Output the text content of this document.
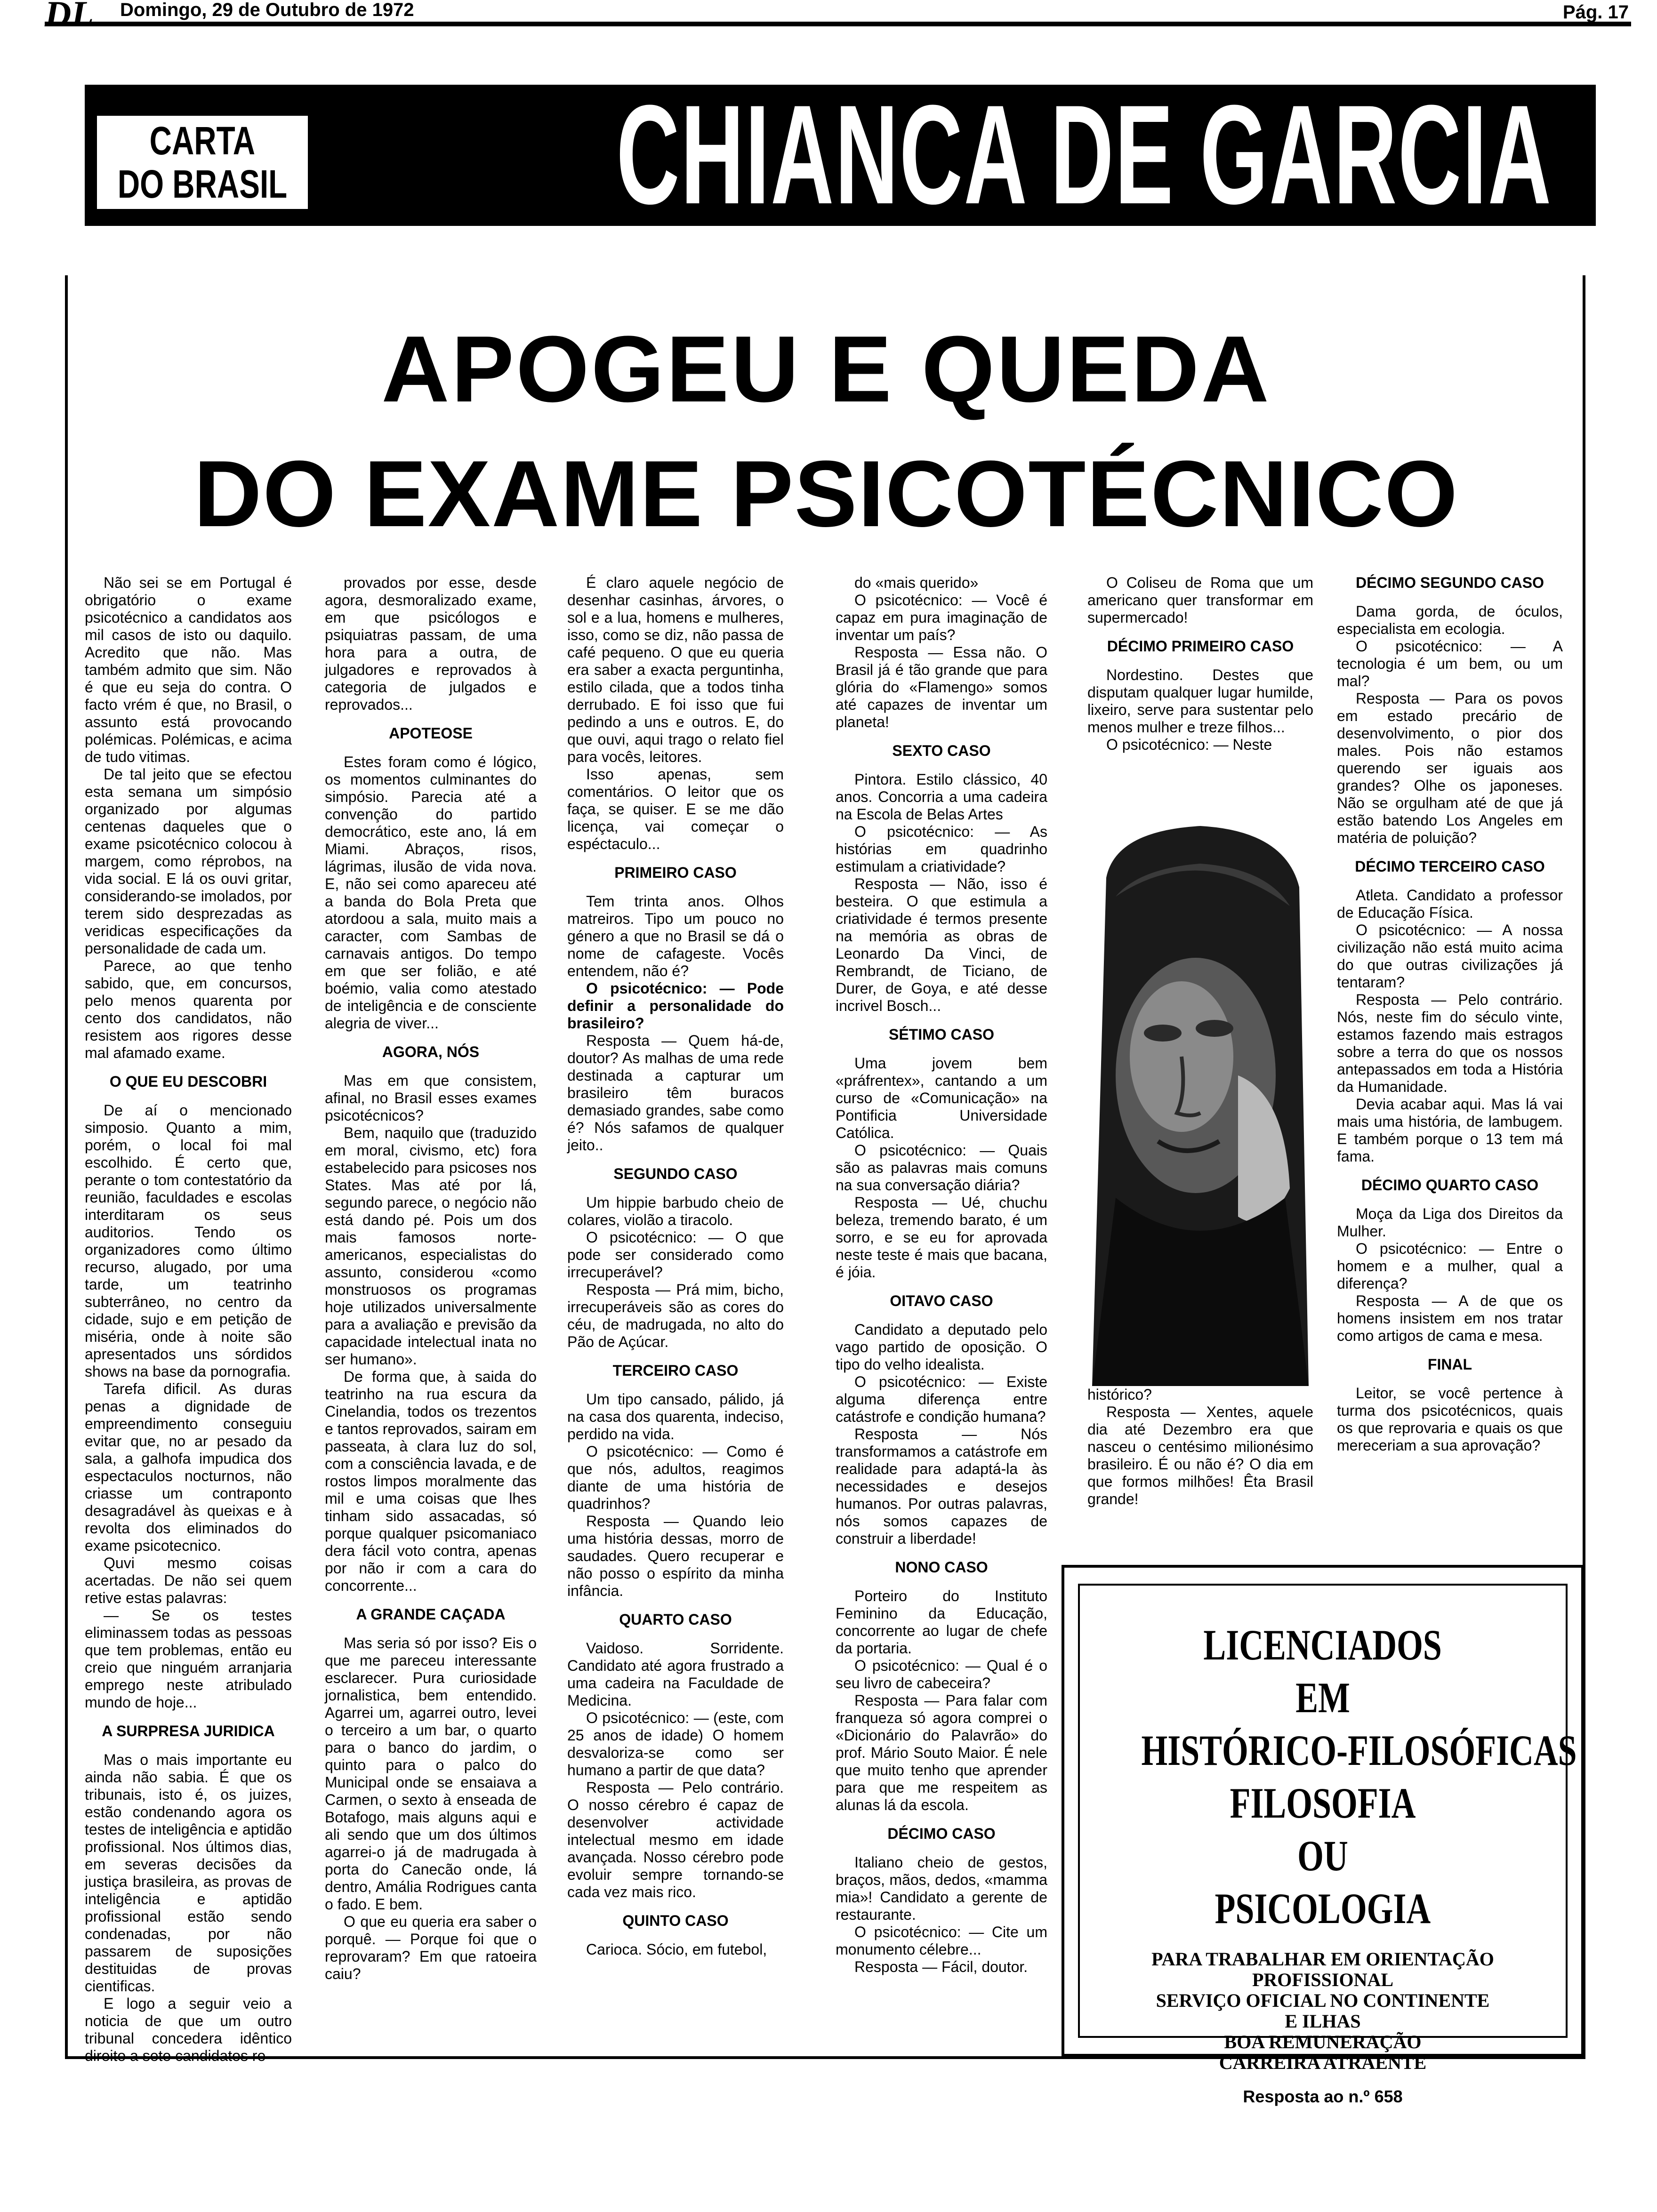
DL Domingo, 29 de Outubro de 1972	Pág. 17
CARTA
DO BRASIL	CHIANCA DE GARCIA
APOGEU E QUEDA
DO EXAME PSICOTÉCNICO

Não sei se em Portugal é obrigatório o exame psicotécnico a candidatos aos mil casos de isto ou daquilo. Acredito que não. Mas também admito que sim. Não é que eu seja do contra. O facto vrém é que, no Brasil, o assunto está provocando polémicas. Polémicas, e acima de tudo vitimas.

De tal jeito que se efectou esta semana um simpósio organizado por algumas centenas daqueles que o exame psicotécnico colocou à margem, como réprobos, na vida social. E lá os ouvi gritar, considerando-se imolados, por terem sido desprezadas as veridicas especificações da personalidade de cada um.

Parece, ao que tenho sabido, que, em concursos, pelo menos quarenta por cento dos candidatos, não resistem aos rigores desse mal afamado exame.

O QUE EU DESCOBRI

De aí o mencionado simposio. Quanto a mim, porém, o local foi mal escolhido. É certo que, perante o tom contestatório da reunião, faculdades e escolas interditaram os seus auditorios. Tendo os organizadores como último recurso, alugado, por uma tarde, um teatrinho subterrâneo, no centro da cidade, sujo e em petição de miséria, onde à noite são apresentados uns sórdidos shows na base da pornografia.

Tarefa dificil. As duras penas a dignidade de empreendimento conseguiu evitar que, no ar pesado da sala, a galhofa impudica dos espectaculos nocturnos, não criasse um contraponto desagradável às queixas e à revolta dos eliminados do exame psicotecnico.

Quvi mesmo coisas acertadas. De não sei quem retive estas palavras:

— Se os testes eliminassem todas as pessoas que tem problemas, então eu creio que ninguém arranjaria emprego neste atribulado mundo de hoje...

A SURPRESA JURIDICA

Mas o mais importante eu ainda não sabia. É que os tribunais, isto é, os juizes, estão condenando agora os testes de inteligência e aptidão profissional. Nos últimos dias, em severas decisões da justiça brasileira, as provas de inteligência e aptidão profissional estão sendo condenadas, por não passarem de suposições destituidas de provas cientificas.

E logo a seguir veio a noticia de que um outro tribunal concedera idêntico direito a sete candidatos re-

provados por esse, desde agora, desmoralizado exame, em que psicólogos e psiquiatras passam, de uma hora para a outra, de julgadores e reprovados à categoria de julgados e reprovados...

APOTEOSE

Estes foram como é lógico, os momentos culminantes do simpósio. Parecia até a convenção do partido democrático, este ano, lá em Miami. Abraços, risos, lágrimas, ilusão de vida nova. E, não sei como apareceu até a banda do Bola Preta que atordoou a sala, muito mais a caracter, com Sambas de carnavais antigos. Do tempo em que ser folião, e até boémio, valia como atestado de inteligência e de consciente alegria de viver...

AGORA, NÓS

Mas em que consistem, afinal, no Brasil esses exames psicotécnicos?

Bem, naquilo que (traduzido em moral, civismo, etc) fora estabelecido para psicoses nos States. Mas até por lá, segundo parece, o negócio não está dando pé. Pois um dos mais famosos norte-americanos, especialistas do assunto, considerou «como monstruosos os programas hoje utilizados universalmente para a avaliação e previsão da capacidade intelectual inata no ser humano».

De forma que, à saida do teatrinho na rua escura da Cinelandia, todos os trezentos e tantos reprovados, sairam em passeata, à clara luz do sol, com a consciência lavada, e de rostos limpos moralmente das mil e uma coisas que lhes tinham sido assacadas, só porque qualquer psicomaniaco dera fácil voto contra, apenas por não ir com a cara do concorrente...

A GRANDE CAÇADA

Mas seria só por isso? Eis o que me pareceu interessante esclarecer. Pura curiosidade jornalistica, bem entendido. Agarrei um, agarrei outro, levei o terceiro a um bar, o quarto para o banco do jardim, o quinto para o palco do Municipal onde se ensaiava a Carmen, o sexto à enseada de Botafogo, mais alguns aqui e ali sendo que um dos últimos agarrei-o já de madrugada à porta do Canecão onde, lá dentro, Amália Rodrigues canta o fado. E bem.

O que eu queria era saber o porquê. — Porque foi que o reprovaram? Em que ratoeira caiu?

É claro aquele negócio de desenhar casinhas, árvores, o sol e a lua, homens e mulheres, isso, como se diz, não passa de café pequeno. O que eu queria era saber a exacta perguntinha, estilo cilada, que a todos tinha derrubado. E foi isso que fui pedindo a uns e outros. E, do que ouvi, aqui trago o relato fiel para vocês, leitores.

Isso apenas, sem comentários. O leitor que os faça, se quiser. E se me dão licença, vai começar o espéctaculo...

PRIMEIRO CASO

Tem trinta anos. Olhos matreiros. Tipo um pouco no género a que no Brasil se dá o nome de cafageste. Vocês entendem, não é?

O psicotécnico: — Pode definir a personalidade do brasileiro?

Resposta — Quem há-de, doutor? As malhas de uma rede destinada a capturar um brasileiro têm buracos demasiado grandes, sabe como é? Nós safamos de qualquer jeito..

SEGUNDO CASO

Um hippie barbudo cheio de colares, violão a tiracolo.

O psicotécnico: — O que pode ser considerado como irrecuperável?

Resposta — Prá mim, bicho, irrecuperáveis são as cores do céu, de madrugada, no alto do Pão de Açúcar.

TERCEIRO CASO

Um tipo cansado, pálido, já na casa dos quarenta, indeciso, perdido na vida.

O psicotécnico: — Como é que nós, adultos, reagimos diante de uma história de quadrinhos?

Resposta — Quando leio uma história dessas, morro de saudades. Quero recuperar e não posso o espírito da minha infância.

QUARTO CASO

Vaidoso. Sorridente. Candidato até agora frustrado a uma cadeira na Faculdade de Medicina.

O psicotécnico: — (este, com 25 anos de idade) O homem desvaloriza-se como ser humano a partir de que data?

Resposta — Pelo contrário. O nosso cérebro é capaz de desenvolver actividade intelectual mesmo em idade avançada. Nosso cérebro pode evoluir sempre tornando-se cada vez mais rico.

QUINTO CASO

Carioca. Sócio, em futebol,

do «mais querido»

O psicotécnico: — Você é capaz em pura imaginação de inventar um país?

Resposta — Essa não. O Brasil já é tão grande que para glória do «Flamengo» somos até capazes de inventar um planeta!

SEXTO CASO

Pintora. Estilo clássico, 40 anos. Concorria a uma cadeira na Escola de Belas Artes

O psicotécnico: — As histórias em quadrinho estimulam a criatividade?

Resposta — Não, isso é besteira. O que estimula a criatividade é termos presente na memória as obras de Leonardo Da Vinci, de Rembrandt, de Ticiano, de Durer, de Goya, e até desse incrivel Bosch...

SÉTIMO CASO

Uma jovem bem «práfrentex», cantando a um curso de «Comunicação» na Pontificia Universidade Católica.

O psicotécnico: — Quais são as palavras mais comuns na sua conversação diária?

Resposta — Ué, chuchu beleza, tremendo barato, é um sorro, e se eu for aprovada neste teste é mais que bacana, é jóia.

OITAVO CASO

Candidato a deputado pelo vago partido de oposição. O tipo do velho idealista.

O psicotécnico: — Existe alguma diferença entre catástrofe e condição humana?

Resposta — Nós transformamos a catástrofe em realidade para adaptá-la às necessidades e desejos humanos. Por outras palavras, nós somos capazes de construir a liberdade!

NONO CASO

Porteiro do Instituto Feminino da Educação, concorrente ao lugar de chefe da portaria.

O psicotécnico: — Qual é o seu livro de cabeceira?

Resposta — Para falar com franqueza só agora comprei o «Dicionário do Palavrão» do prof. Mário Souto Maior. É nele que muito tenho que aprender para que me respeitem as alunas lá da escola.

DÉCIMO CASO

Italiano cheio de gestos, braços, mãos, dedos, «mamma mia»! Candidato a gerente de restaurante.

O psicotécnico: — Cite um monumento célebre...

Resposta — Fácil, doutor.

O Coliseu de Roma que um americano quer transformar em supermercado!

DÉCIMO PRIMEIRO CASO

Nordestino. Destes que disputam qualquer lugar humilde, lixeiro, serve para sustentar pelo menos mulher e treze filhos...

O psicotécnico: — Neste

histórico?

Resposta — Xentes, aquele dia até Dezembro era que nasceu o centésimo milionésimo brasileiro. É ou não é? O dia em que formos milhões! Êta Brasil grande!

DÉCIMO SEGUNDO CASO

Dama gorda, de óculos, especialista em ecologia.

O psicotécnico: — A tecnologia é um bem, ou um mal?

Resposta — Para os povos em estado precário de desenvolvimento, o pior dos males. Pois não estamos querendo ser iguais aos grandes? Olhe os japoneses. Não se orgulham até de que já estão batendo Los Angeles em matéria de poluição?

DÉCIMO TERCEIRO CASO

Atleta. Candidato a professor de Educação Física.

O psicotécnico: — A nossa civilização não está muito acima do que outras civilizações já tentaram?

Resposta — Pelo contrário. Nós, neste fim do século vinte, estamos fazendo mais estragos sobre a terra do que os nossos antepassados em toda a História da Humanidade.

Devia acabar aqui. Mas lá vai mais uma história, de lambugem. E também porque o 13 tem má fama.

DÉCIMO QUARTO CASO

Moça da Liga dos Direitos da Mulher.

O psicotécnico: — Entre o homem e a mulher, qual a diferença?

Resposta — A de que os homens insistem em nos tratar como artigos de cama e mesa.

FINAL

Leitor, se você pertence à turma dos psicotécnicos, quais os que reprovaria e quais os que mereceriam a sua aprovação?

LICENCIADOS
EM
HISTÓRICO-FILOSÓFICAS
FILOSOFIA
OU
PSICOLOGIA
PARA TRABALHAR EM ORIENTAÇÃO
PROFISSIONAL
SERVIÇO OFICIAL NO CONTINENTE
E ILHAS
BOA REMUNERAÇÃO
CARREIRA ATRAENTE
Resposta ao n.º 658
